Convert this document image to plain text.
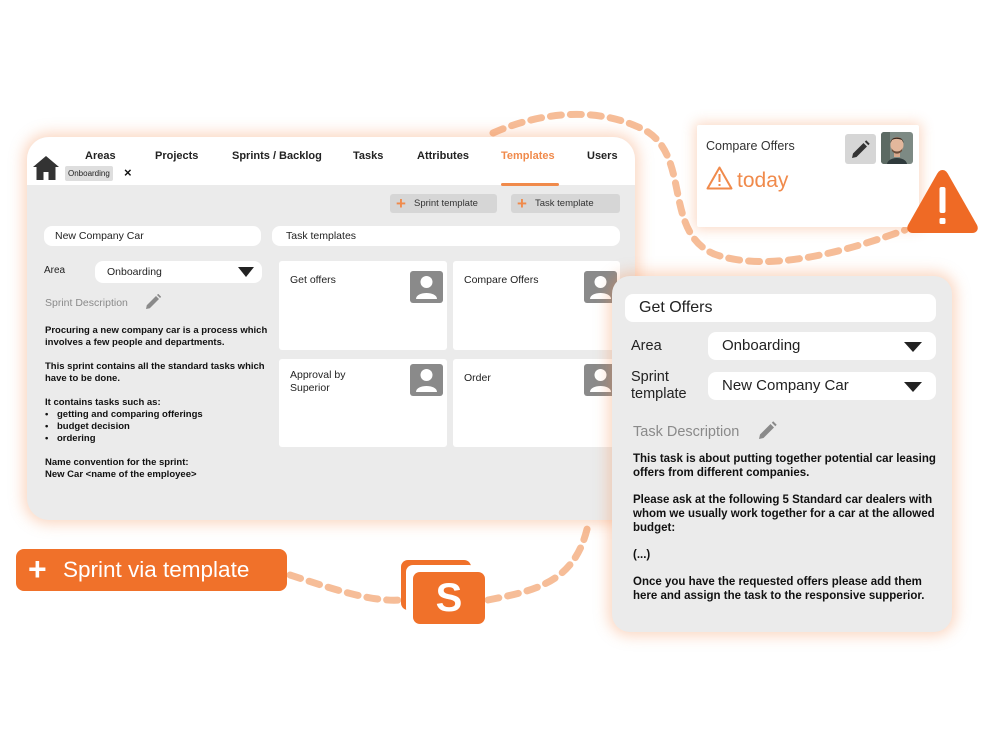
Areas	Projects	Sprints / Backlog	Tasks	Attributes	Templates	Users
Onboarding ×
+ Sprint template	+ Task template
New Company Car	Task templates
Area	Onboarding
Sprint Description

Procuring a new company car is a process which involves a few people and departments.

This sprint contains all the standard tasks which have to be done.

It contains tasks such as:
• getting and comparing offerings
• budget decision
• ordering
Name convention for the sprint:
New Car <name of the employee>
Get offers	Compare Offers
Approval by Superior
Order
Compare Offers
today
Get Offers
Area	Onboarding
Sprint
template	New Company Car
Task Description

This task is about putting together potential car leasing offers from different companies.

Please ask at the following 5 Standard car dealers with whom we usually work together for a car at the allowed budget:

(...)

Once you have the requested offers please add them here and assign the task to the responsive supperior.

+ Sprint via template
S
